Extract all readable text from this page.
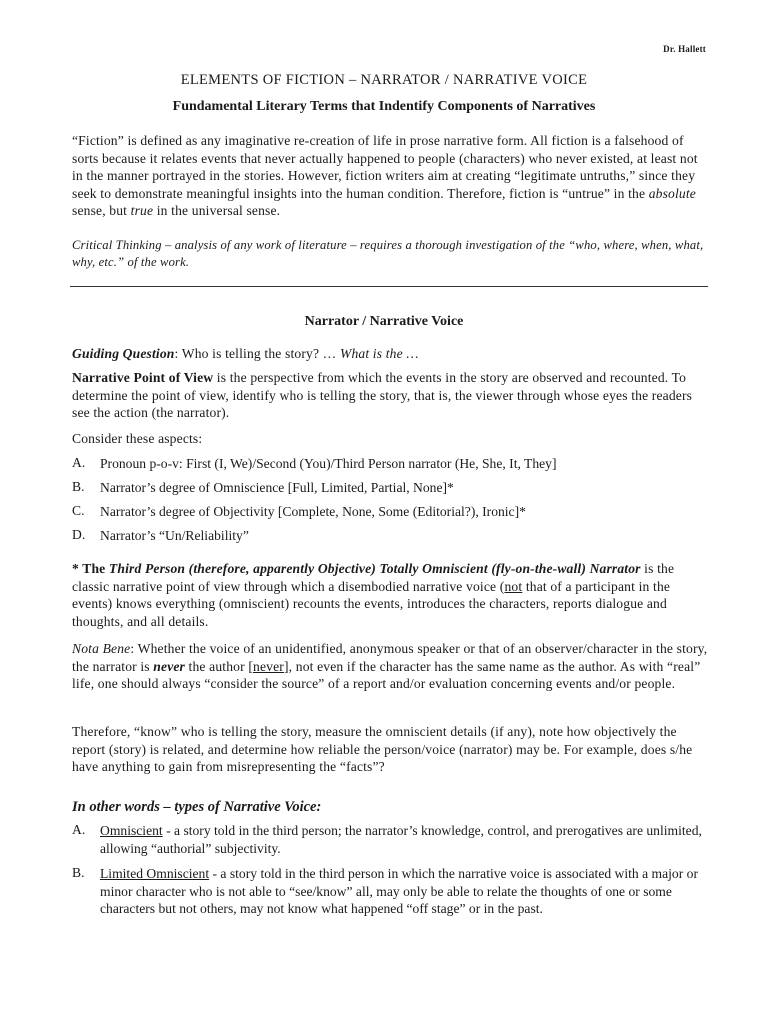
Dr. Hallett
ELEMENTS OF FICTION – NARRATOR / NARRATIVE VOICE
Fundamental Literary Terms that Indentify Components of Narratives
“Fiction” is defined as any imaginative re-creation of life in prose narrative form. All fiction is a falsehood of sorts because it relates events that never actually happened to people (characters) who never existed, at least not in the manner portrayed in the stories. However, fiction writers aim at creating “legitimate untruths,” since they seek to demonstrate meaningful insights into the human condition. Therefore, fiction is “untrue” in the absolute sense, but true in the universal sense.
Critical Thinking – analysis of any work of literature – requires a thorough investigation of the “who, where, when, what, why, etc.” of the work.
Narrator / Narrative Voice
Guiding Question: Who is telling the story? … What is the …
Narrative Point of View is the perspective from which the events in the story are observed and recounted. To determine the point of view, identify who is telling the story, that is, the viewer through whose eyes the readers see the action (the narrator).
Consider these aspects:
A.	Pronoun p-o-v: First (I, We)/Second (You)/Third Person narrator (He, She, It, They]
B.	Narrator’s degree of Omniscience [Full, Limited, Partial, None]*
C.	Narrator’s degree of Objectivity [Complete, None, Some (Editorial?), Ironic]*
D.	Narrator’s “Un/Reliability”
* The Third Person (therefore, apparently Objective) Totally Omniscient (fly-on-the-wall) Narrator is the classic narrative point of view through which a disembodied narrative voice (not that of a participant in the events) knows everything (omniscient) recounts the events, introduces the characters, reports dialogue and thoughts, and all details.
Nota Bene: Whether the voice of an unidentified, anonymous speaker or that of an observer/character in the story, the narrator is never the author [never], not even if the character has the same name as the author. As with “real” life, one should always “consider the source” of a report and/or evaluation concerning events and/or people.
Therefore, “know” who is telling the story, measure the omniscient details (if any), note how objectively the report (story) is related, and determine how reliable the person/voice (narrator) may be. For example, does s/he have anything to gain from misrepresenting the “facts”?
In other words – types of Narrative Voice:
A.	Omniscient - a story told in the third person; the narrator’s knowledge, control, and prerogatives are unlimited, allowing “authorial” subjectivity.
B.	Limited Omniscient - a story told in the third person in which the narrative voice is associated with a major or minor character who is not able to “see/know” all, may only be able to relate the thoughts of one or some characters but not others, may not know what happened “off stage” or in the past.
